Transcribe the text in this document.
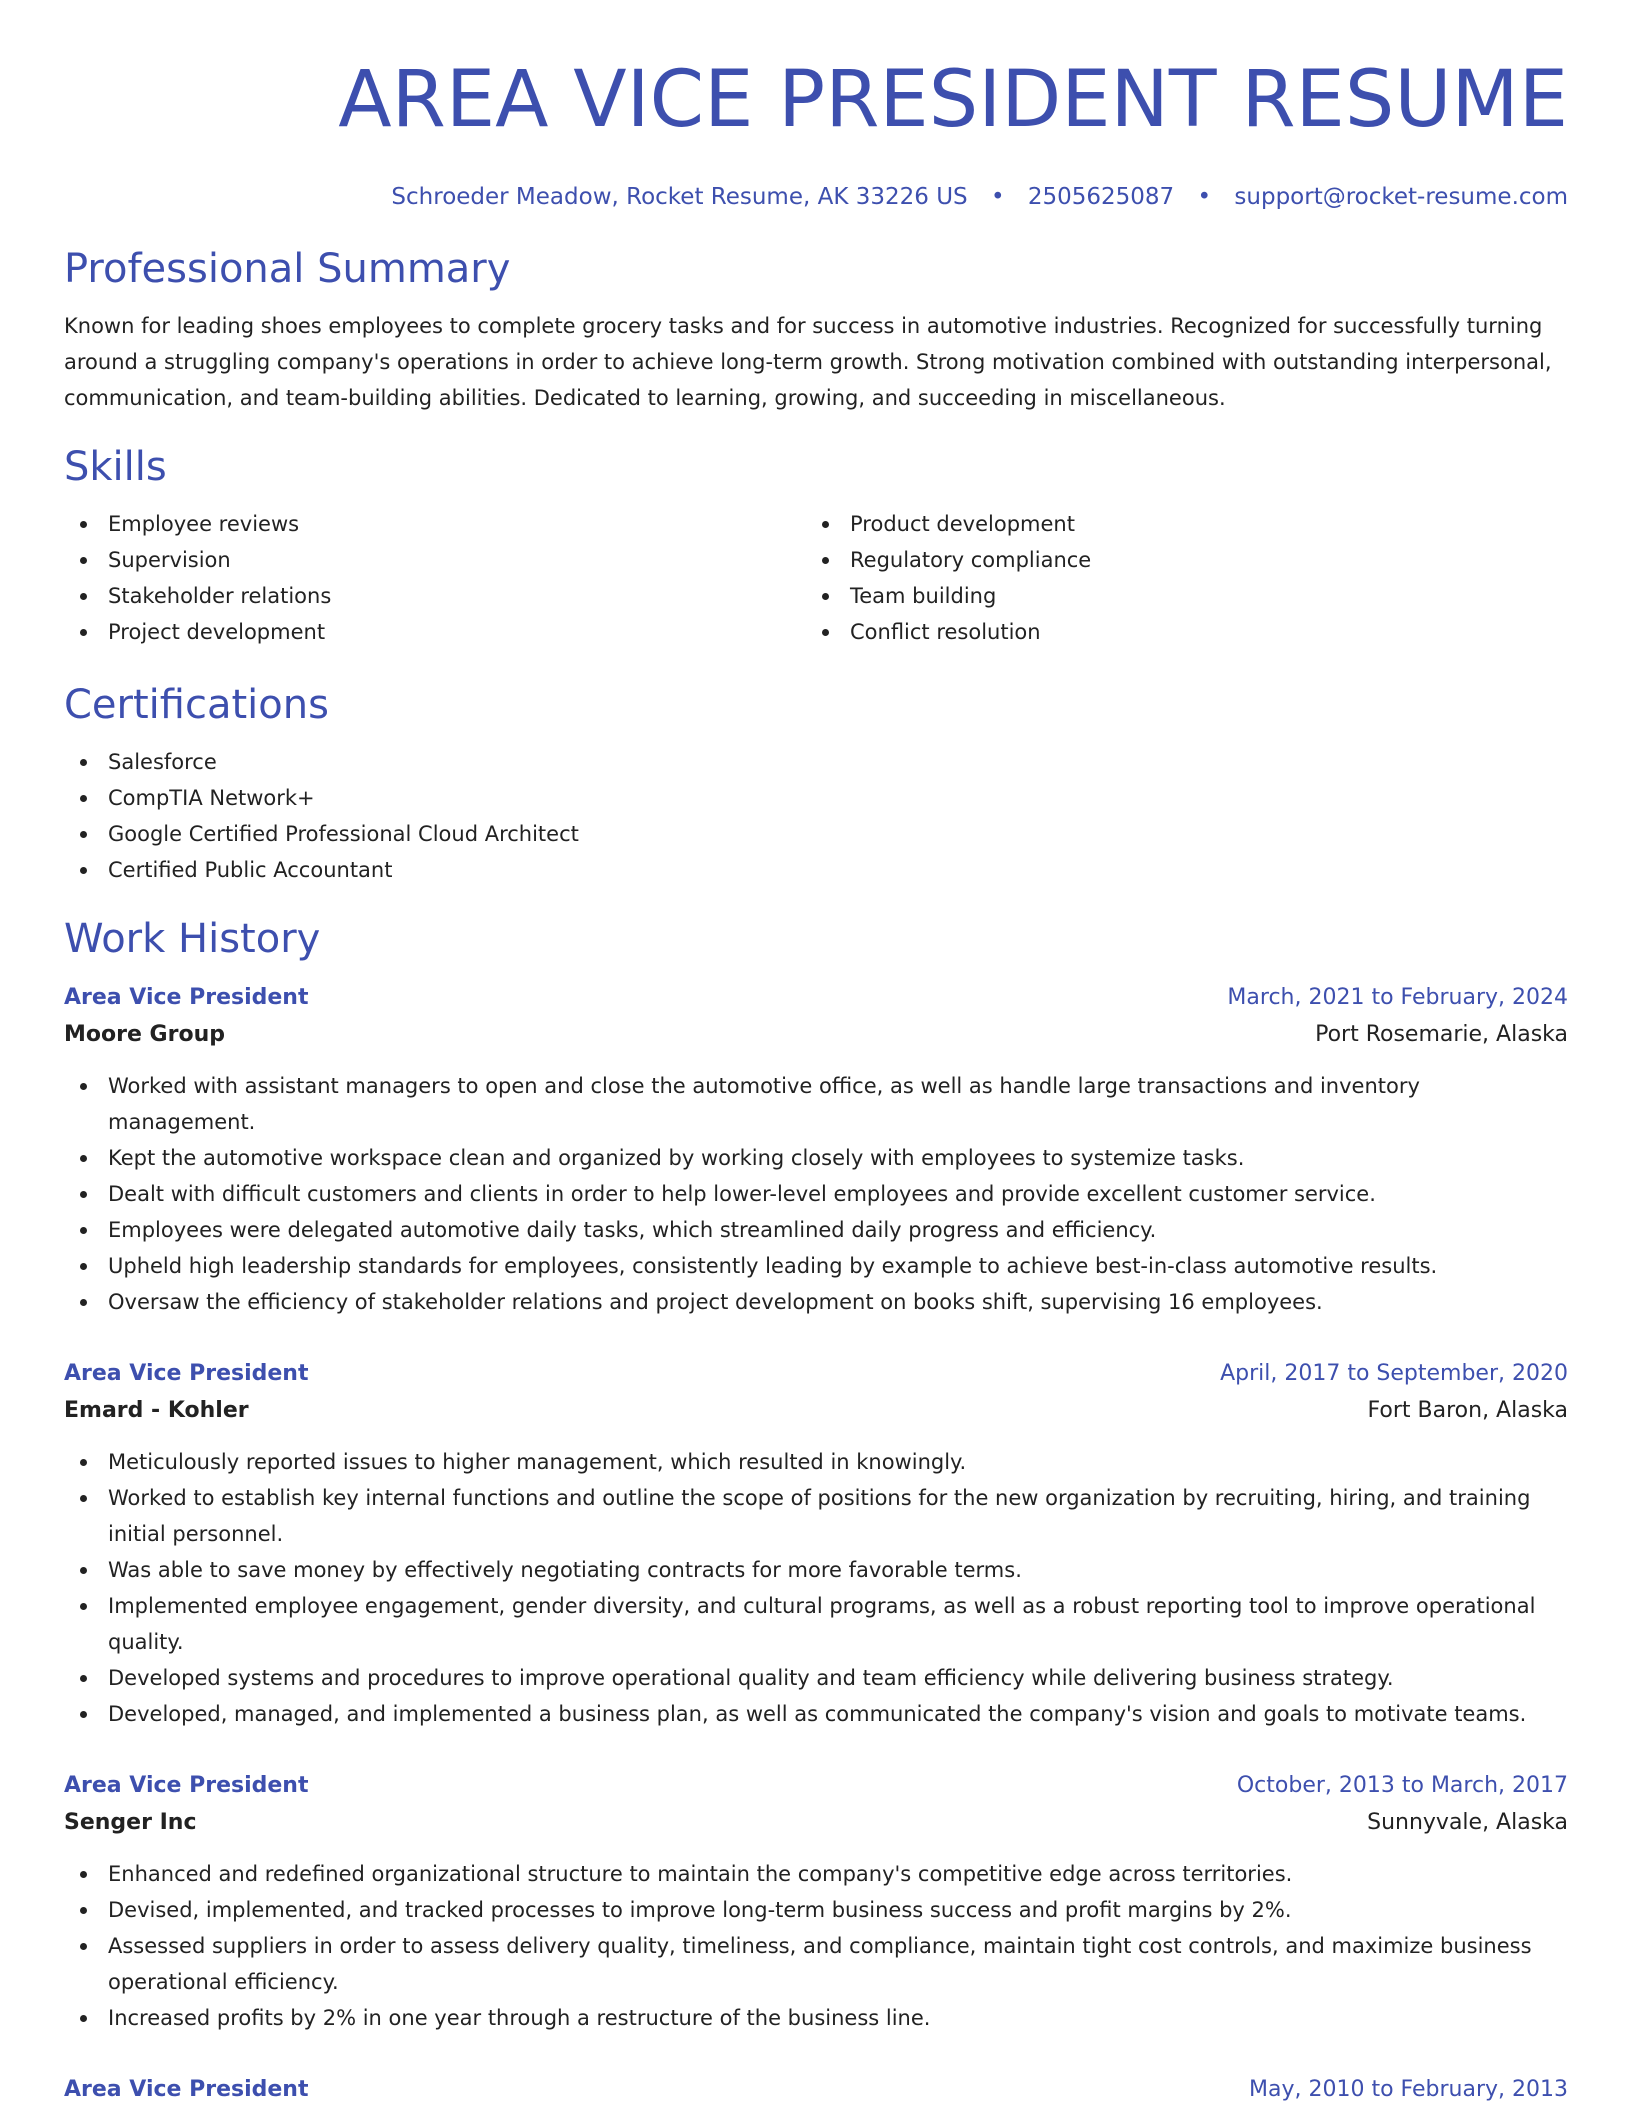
AREA VICE PRESIDENT RESUME
Schroeder Meadow, Rocket Resume, AK 33226 US • 2505625087 • support@rocket-resume.com
Professional Summary

Known for leading shoes employees to complete grocery tasks and for success in automotive industries. Recognized for successfully turning around a struggling company's operations in order to achieve long-term growth. Strong motivation combined with outstanding interpersonal, communication, and team-building abilities. Dedicated to learning, growing, and succeeding in miscellaneous.

Skills
Employee reviews
Supervision
Stakeholder relations
Project development
Product development
Regulatory compliance
Team building
Conflict resolution
Certifications
Salesforce
CompTIA Network+
Google Certified Professional Cloud Architect
Certified Public Accountant
Work History
Area Vice President	March, 2021 to February, 2024
Moore Group	Port Rosemarie, Alaska
Worked with assistant managers to open and close the automotive office, as well as handle large transactions and inventory management.
Kept the automotive workspace clean and organized by working closely with employees to systemize tasks.
Dealt with difficult customers and clients in order to help lower-level employees and provide excellent customer service.
Employees were delegated automotive daily tasks, which streamlined daily progress and efficiency.
Upheld high leadership standards for employees, consistently leading by example to achieve best-in-class automotive results.
Oversaw the efficiency of stakeholder relations and project development on books shift, supervising 16 employees.
Area Vice President	April, 2017 to September, 2020
Emard - Kohler	Fort Baron, Alaska
Meticulously reported issues to higher management, which resulted in knowingly.
Worked to establish key internal functions and outline the scope of positions for the new organization by recruiting, hiring, and training initial personnel.
Was able to save money by effectively negotiating contracts for more favorable terms.
Implemented employee engagement, gender diversity, and cultural programs, as well as a robust reporting tool to improve operational quality.
Developed systems and procedures to improve operational quality and team efficiency while delivering business strategy.
Developed, managed, and implemented a business plan, as well as communicated the company's vision and goals to motivate teams.
Area Vice President	October, 2013 to March, 2017
Senger Inc	Sunnyvale, Alaska
Enhanced and redefined organizational structure to maintain the company's competitive edge across territories.
Devised, implemented, and tracked processes to improve long-term business success and profit margins by 2%.
Assessed suppliers in order to assess delivery quality, timeliness, and compliance, maintain tight cost controls, and maximize business operational efficiency.
Increased profits by 2% in one year through a restructure of the business line.
Area Vice President	May, 2010 to February, 2013
